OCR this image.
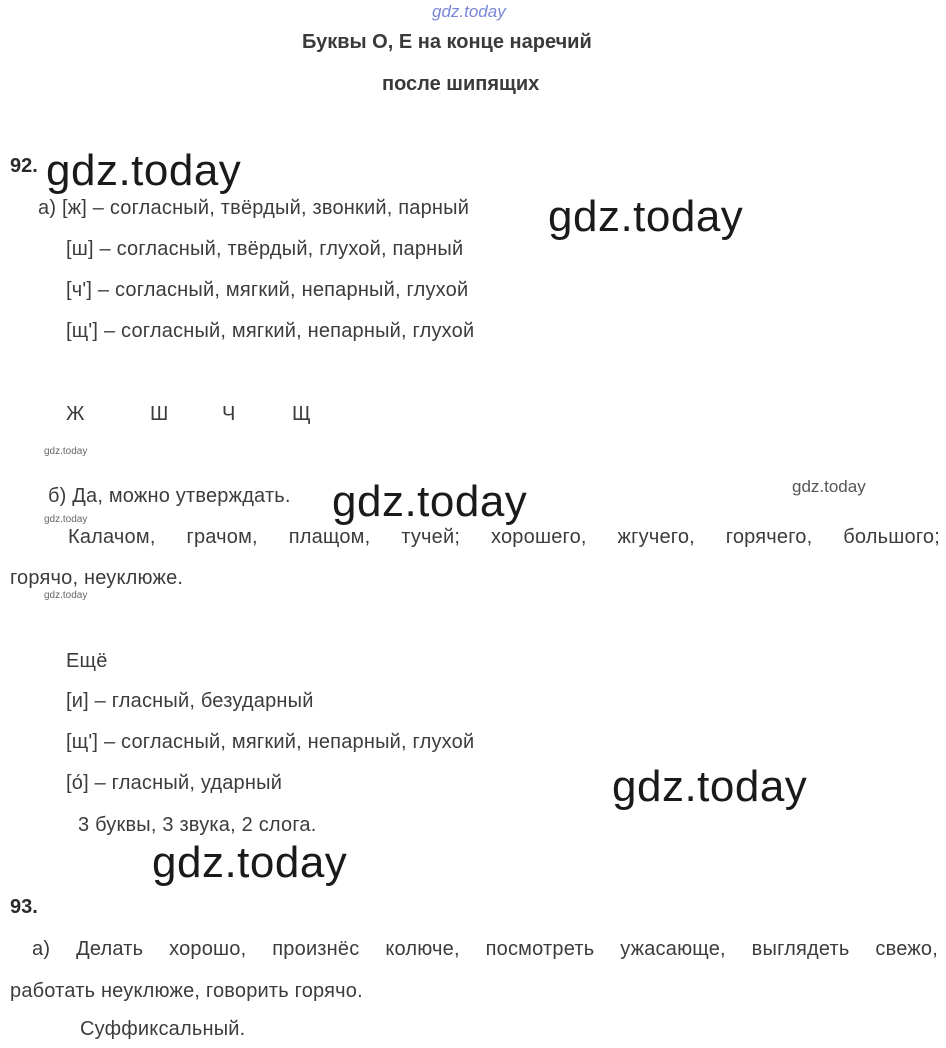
gdz.today
Буквы О, Е на конце наречий
после шипящих
92. gdz.today
а) [ж] – согласный, твёрдый, звонкий, парный gdz.today
[ш] – согласный, твёрдый, глухой, парный
[ч'] – согласный, мягкий, непарный, глухой
[щ'] – согласный, мягкий, непарный, глухой
Ж	Ш	Ч	Щ
gdz.today
б) Да, можно утверждать. gdz.today	gdz.today
gdz.today
Калачом, грачом, плащом, тучей; хорошего, жгучего, горячего, большого;
горячо, неуклюже.
gdz.today
Ещё
[и] – гласный, безударный
[щ'] – согласный, мягкий, непарный, глухой
[о́] – гласный, ударный	gdz.today
3 буквы, 3 звука, 2 слога.
gdz.today
93.
а) Делать хорошо, произнёс колюче, посмотреть ужасающе, выглядеть свежо,
работать неуклюже, говорить горячо.
Суффиксальный.
